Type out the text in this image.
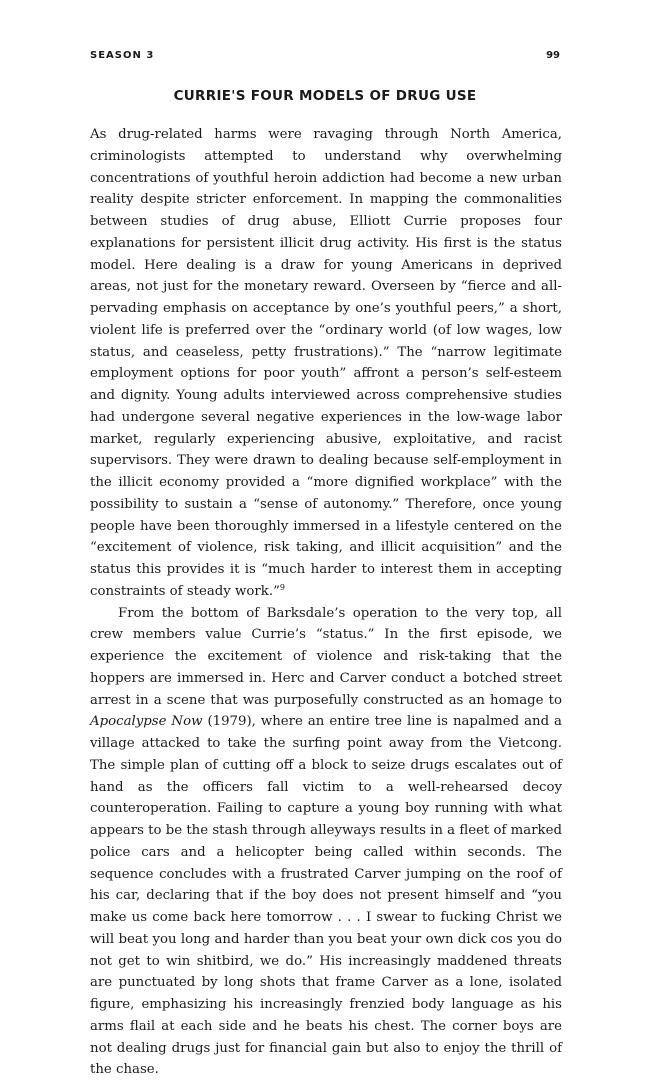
SEASON 3	99
CURRIE'S FOUR MODELS OF DRUG USE

As drug-related harms were ravaging through North America, criminologists attempted to understand why overwhelming concentrations of youthful heroin addiction had become a new urban reality despite stricter enforcement. In mapping the commonalities between studies of drug abuse, Elliott Currie proposes four explanations for persistent illicit drug activity. His first is the status model. Here dealing is a draw for young Americans in deprived areas, not just for the monetary reward. Overseen by “fierce and all-pervading emphasis on acceptance by one’s youthful peers,” a short, violent life is preferred over the “ordinary world (of low wages, low status, and ceaseless, petty frustrations).” The “narrow legitimate employment options for poor youth” affront a person’s self-esteem and dignity. Young adults interviewed across comprehensive studies had undergone several negative experiences in the low-wage labor market, regularly experiencing abusive, exploitative, and racist supervisors. They were drawn to dealing because self-employment in the illicit economy provided a “more dignified workplace” with the possibility to sustain a “sense of autonomy.” Therefore, once young people have been thoroughly immersed in a lifestyle centered on the “excitement of violence, risk taking, and illicit acquisition” and the status this provides it is “much harder to interest them in accepting constraints of steady work.”$^9$

From the bottom of Barksdale’s operation to the very top, all crew members value Currie’s “status.” In the first episode, we experience the excitement of violence and risk-taking that the hoppers are immersed in. Herc and Carver conduct a botched street arrest in a scene that was purposefully constructed as an homage to Apocalypse Now (1979), where an entire tree line is napalmed and a village attacked to take the surfing point away from the Vietcong. The simple plan of cutting off a block to seize drugs escalates out of hand as the officers fall victim to a well-rehearsed decoy counteroperation. Failing to capture a young boy running with what appears to be the stash through alleyways results in a fleet of marked police cars and a helicopter being called within seconds. The sequence concludes with a frustrated Carver jumping on the roof of his car, declaring that if the boy does not present himself and “you make us come back here tomorrow . . . I swear to fucking Christ we will beat you long and harder than you beat your own dick cos you do not get to win shitbird, we do.” His increasingly maddened threats are punctuated by long shots that frame Carver as a lone, isolated figure, emphasizing his increasingly frenzied body language as his arms flail at each side and he beats his chest. The corner boys are not dealing drugs just for financial gain but also to enjoy the thrill of the chase.
